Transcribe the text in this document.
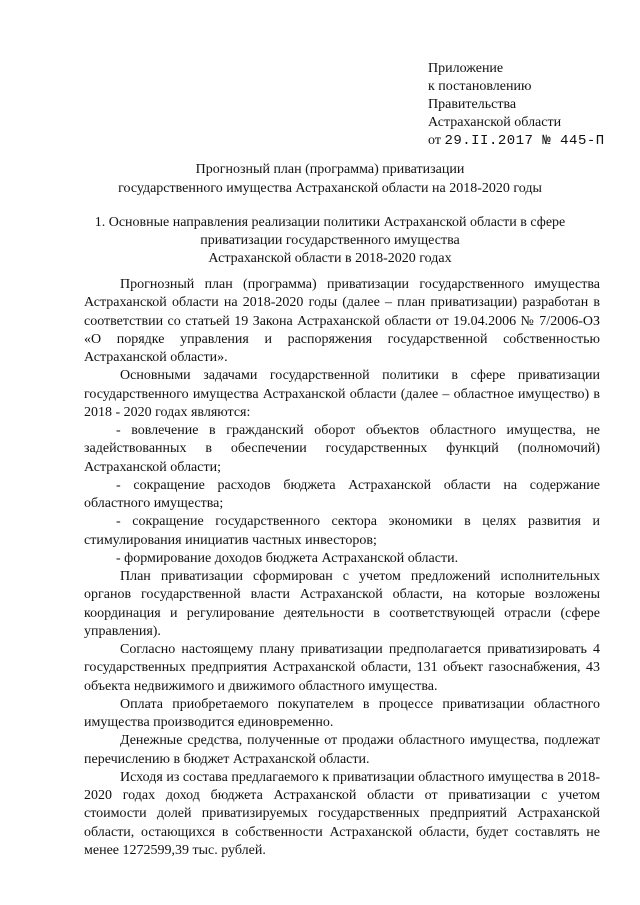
Приложение
к постановлению
Правительства
Астраханской области
от 29.II.2017 № 445-П
Прогнозный план (программа) приватизации
государственного имущества Астраханской области на 2018-2020 годы
1. Основные направления реализации политики Астраханской области в сфере
приватизации государственного имущества
Астраханской области в 2018-2020 годах

Прогнозный план (программа) приватизации государственного имущества Астраханской области на 2018-2020 годы (далее – план приватизации) разработан в соответствии со статьей 19 Закона Астраханской области от 19.04.2006 № 7/2006-ОЗ «О порядке управления и распоряжения государственной собственностью Астраханской области».

Основными задачами государственной политики в сфере приватизации государственного имущества Астраханской области (далее – областное имущество) в 2018 - 2020 годах являются:

- вовлечение в гражданский оборот объектов областного имущества, не задействованных в обеспечении государственных функций (полномочий) Астраханской области;

- сокращение расходов бюджета Астраханской области на содержание областного имущества;

- сокращение государственного сектора экономики в целях развития и стимулирования инициатив частных инвесторов;

- формирование доходов бюджета Астраханской области.

План приватизации сформирован с учетом предложений исполнительных органов государственной власти Астраханской области, на которые возложены координация и регулирование деятельности в соответствующей отрасли (сфере управления).

Согласно настоящему плану приватизации предполагается приватизировать 4 государственных предприятия Астраханской области, 131 объект газоснабжения, 43 объекта недвижимого и движимого областного имущества.

Оплата приобретаемого покупателем в процессе приватизации областного имущества производится единовременно.

Денежные средства, полученные от продажи областного имущества, подлежат перечислению в бюджет Астраханской области.

Исходя из состава предлагаемого к приватизации областного имущества в 2018-2020 годах доход бюджета Астраханской области от приватизации с учетом стоимости долей приватизируемых государственных предприятий Астраханской области, остающихся в собственности Астраханской области, будет составлять не менее 1272599,39 тыс. рублей.
